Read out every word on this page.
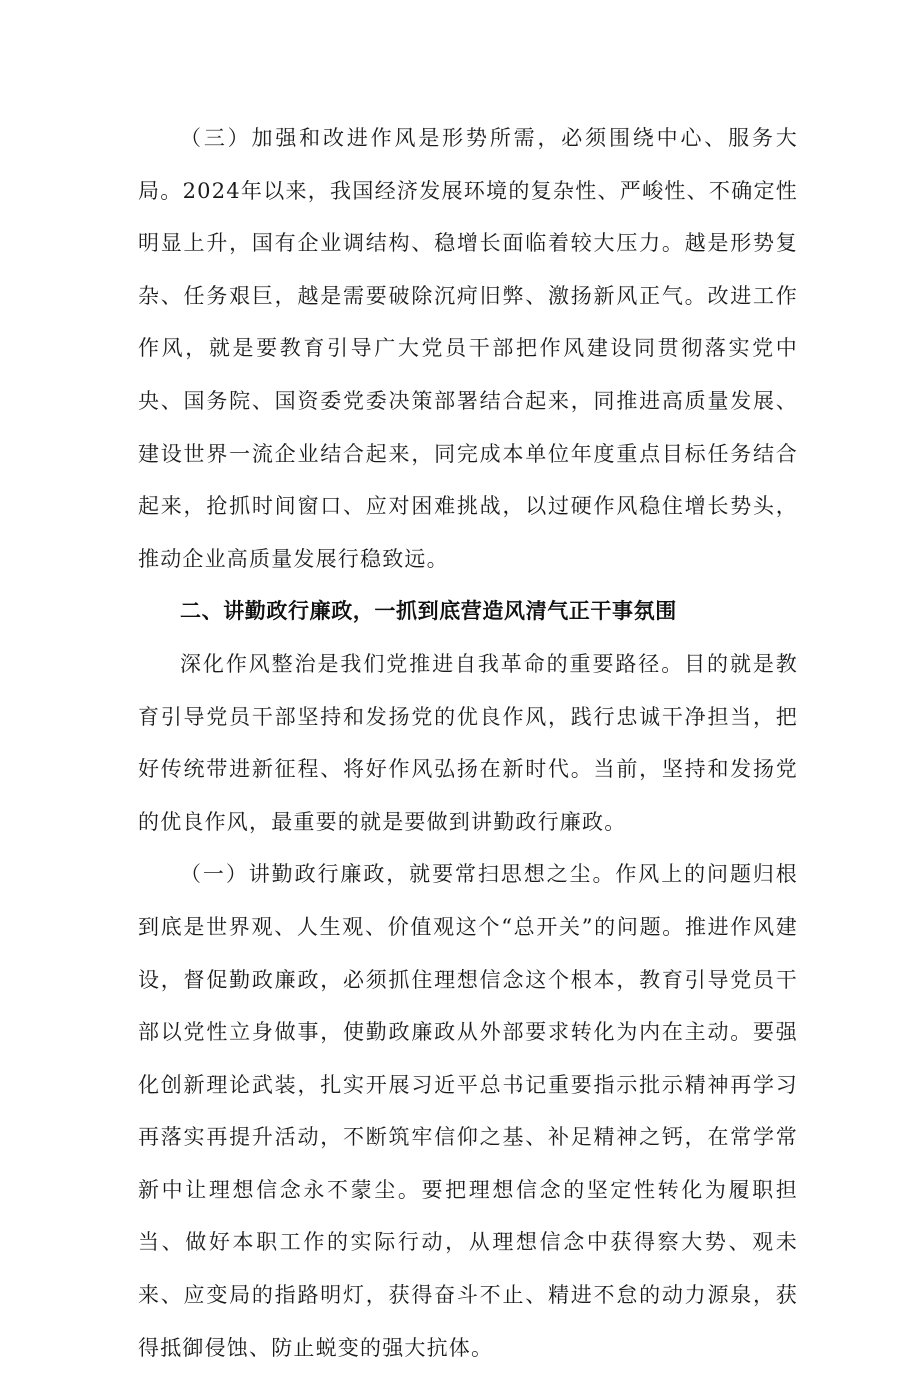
（三）加强和改进作风是形势所需，必须围绕中心、服务大局。2024年以来，我国经济发展环境的复杂性、严峻性、不确定性明显上升，国有企业调结构、稳增长面临着较大压力。越是形势复杂、任务艰巨，越是需要破除沉疴旧弊、激扬新风正气。改进工作作风，就是要教育引导广大党员干部把作风建设同贯彻落实党中央、国务院、国资委党委决策部署结合起来，同推进高质量发展、建设世界一流企业结合起来，同完成本单位年度重点目标任务结合起来，抢抓时间窗口、应对困难挑战，以过硬作风稳住增长势头，推动企业高质量发展行稳致远。

二、讲勤政行廉政，一抓到底营造风清气正干事氛围

深化作风整治是我们党推进自我革命的重要路径。目的就是教育引导党员干部坚持和发扬党的优良作风，践行忠诚干净担当，把好传统带进新征程、将好作风弘扬在新时代。当前，坚持和发扬党的优良作风，最重要的就是要做到讲勤政行廉政。

（一）讲勤政行廉政，就要常扫思想之尘。作风上的问题归根到底是世界观、人生观、价值观这个“总开关”的问题。推进作风建设，督促勤政廉政，必须抓住理想信念这个根本，教育引导党员干部以党性立身做事，使勤政廉政从外部要求转化为内在主动。要强化创新理论武装，扎实开展习近平总书记重要指示批示精神再学习再落实再提升活动，不断筑牢信仰之基、补足精神之钙，在常学常新中让理想信念永不蒙尘。要把理想信念的坚定性转化为履职担当、做好本职工作的实际行动，从理想信念中获得察大势、观未来、应变局的指路明灯，获得奋斗不止、精进不怠的动力源泉，获得抵御侵蚀、防止蜕变的强大抗体。
